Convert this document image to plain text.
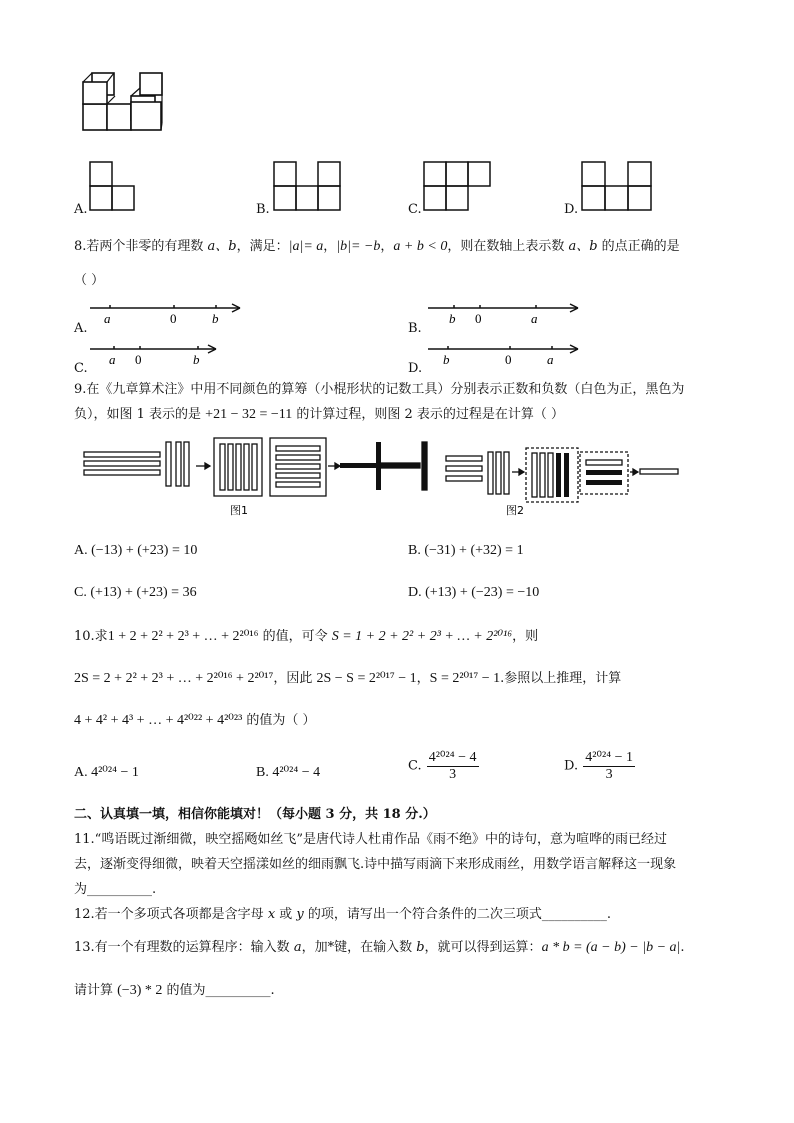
A.	B.	C.	D.
8.若两个非零的有理数 a、b，满足：|a|= a，|b|= −b，a + b < 0，则在数轴上表示数 a、b 的点正确的是
（ ）
A.
a	0	b
B.
b 0	a
C.
a 0	b
D.
b	0	a
9.在《九章算术注》中用不同颜色的算筹（小棍形状的记数工具）分别表示正数和负数（白色为正，黑色为
负），如图 1 表示的是 +21 − 32 = −11 的计算过程，则图 2 表示的过程是在计算（ ）
图1	图2
A. (−13) + (+23) = 10	B. (−31) + (+32) = 1
C. (+13) + (+23) = 36	D. (+13) + (−23) = −10
10.求1 + 2 + 2² + 2³ + … + 2²⁰¹⁶ 的值，可令 S = 1 + 2 + 2² + 2³ + … + 2²⁰¹⁶，则
2S = 2 + 2² + 2³ + … + 2²⁰¹⁶ + 2²⁰¹⁷，因此 2S − S = 2²⁰¹⁷ − 1，S = 2²⁰¹⁷ − 1.参照以上推理，计算
4 + 4² + 4³ + … + 4²⁰²² + 4²⁰²³ 的值为（ ）
A. 4²⁰²⁴ − 1	B. 4²⁰²⁴ − 4	C. $\frac{\text{4²⁰²⁴ − 4}}{3}$	D. $\frac{\text{4²⁰²⁴ − 1}}{3}$
二、认真填一填，相信你能填对！（每小题 3 分，共 18 分.）
11.“鸣语既过渐细微，映空摇飏如丝飞”是唐代诗人杜甫作品《雨不绝》中的诗句，意为喧哗的雨已经过
去，逐渐变得细微，映着天空摇漾如丝的细雨飘飞.诗中描写雨滴下来形成雨丝，用数学语言解释这一现象
为__________.
12.若一个多项式各项都是含字母 x 或 y 的项，请写出一个符合条件的二次三项式__________.
13.有一个有理数的运算程序：输入数 a，加*键，在输入数 b，就可以得到运算：a * b = (a − b) − |b − a|.
请计算 (−3) * 2 的值为__________.
